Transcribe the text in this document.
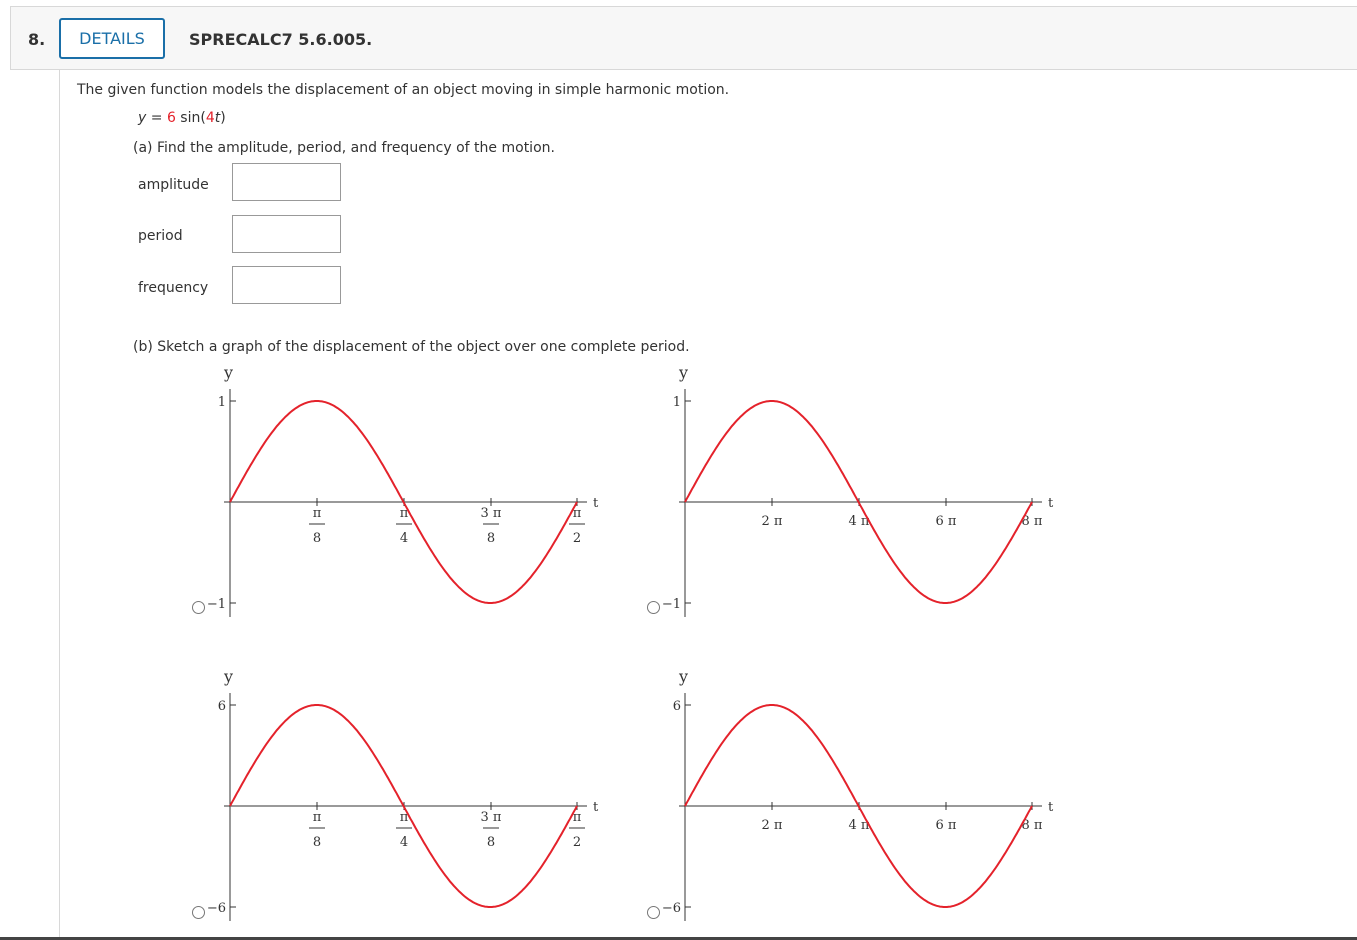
8.	DETAILS	SPRECALC7 5.6.005.
The given function models the displacement of an object moving in simple harmonic motion.
y = 6 sin(4t)
(a) Find the amplitude, period, and frequency of the motion.
amplitude
period
frequency
(b) Sketch a graph of the displacement of the object over one complete period.
y
t
1
−1
π
8
π
4
3 π
8
π
2
y
t
1
−1
2 π	4 π	6 π	8 π
y
t
6
−6
π
8
π
4
3 π
8
π
2
y
t
6
−6
2 π	4 π	6 π	8 π
